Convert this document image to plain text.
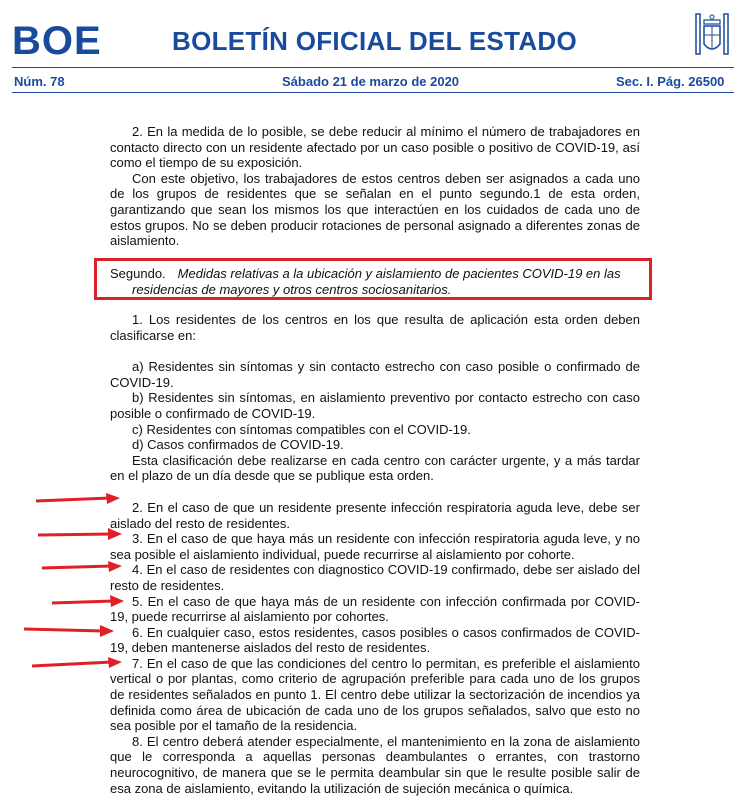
BOE	BOLETÍN OFICIAL DEL ESTADO
Núm. 78	Sábado 21 de marzo de 2020	Sec. I. Pág. 26500

2. En la medida de lo posible, se debe reducir al mínimo el número de trabajadores en contacto directo con un residente afectado por un caso posible o positivo de COVID-19, así como el tiempo de su exposición.

Con este objetivo, los trabajadores de estos centros deben ser asignados a cada uno de los grupos de residentes que se señalan en el punto segundo.1 de esta orden, garantizando que sean los mismos los que interactúen en los cuidados de cada uno de estos grupos. No se deben producir rotaciones de personal asignado a diferentes zonas de aislamiento.

Segundo. Medidas relativas a la ubicación y aislamiento de pacientes COVID-19 en las
residencias de mayores y otros centros sociosanitarios.

1. Los residentes de los centros en los que resulta de aplicación esta orden deben clasificarse en:

a) Residentes sin síntomas y sin contacto estrecho con caso posible o confirmado de COVID-19.

b) Residentes sin síntomas, en aislamiento preventivo por contacto estrecho con caso posible o confirmado de COVID-19.

c) Residentes con síntomas compatibles con el COVID-19.

d) Casos confirmados de COVID-19.

Esta clasificación debe realizarse en cada centro con carácter urgente, y a más tardar en el plazo de un día desde que se publique esta orden.

2. En el caso de que un residente presente infección respiratoria aguda leve, debe ser aislado del resto de residentes.

3. En el caso de que haya más un residente con infección respiratoria aguda leve, y no sea posible el aislamiento individual, puede recurrirse al aislamiento por cohorte.

4. En el caso de residentes con diagnostico COVID-19 confirmado, debe ser aislado del resto de residentes.

5. En el caso de que haya más de un residente con infección confirmada por COVID-19, puede recurrirse al aislamiento por cohortes.

6. En cualquier caso, estos residentes, casos posibles o casos confirmados de COVID-19, deben mantenerse aislados del resto de residentes.

7. En el caso de que las condiciones del centro lo permitan, es preferible el aislamiento vertical o por plantas, como criterio de agrupación preferible para cada uno de los grupos de residentes señalados en punto 1. El centro debe utilizar la sectorización de incendios ya definida como área de ubicación de cada uno de los grupos señalados, salvo que esto no sea posible por el tamaño de la residencia.

8. El centro deberá atender especialmente, el mantenimiento en la zona de aislamiento que le corresponda a aquellas personas deambulantes o errantes, con trastorno neurocognitivo, de manera que se le permita deambular sin que le resulte posible salir de esa zona de aislamiento, evitando la utilización de sujeción mecánica o química.
